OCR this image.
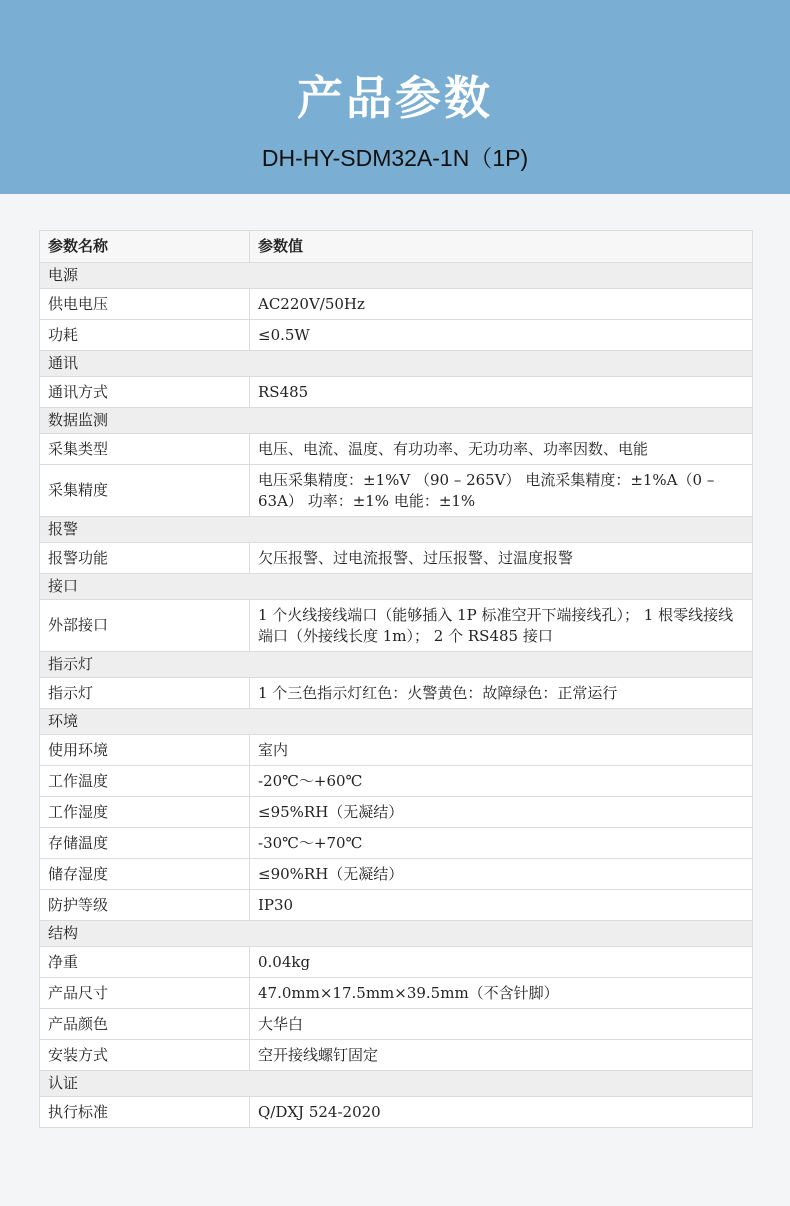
产品参数
DH-HY-SDM32A-1N（1P)
参数名称	参数值
电源	
供电电压	AC220V/50Hz
功耗	≤0.5W
通讯	
通讯方式	RS485
数据监测	
采集类型	电压、电流、温度、有功功率、无功功率、功率因数、电能
采集精度	电压采集精度：±1%V （90 – 265V） 电流采集精度：±1%A（0 – 63A） 功率：±1% 电能：±1%
报警	
报警功能	欠压报警、过电流报警、过压报警、过温度报警
接口	
外部接口	1 个火线接线端口（能够插入 1P 标准空开下端接线孔）； 1 根零线接线端口（外接线长度 1m）； 2 个 RS485 接口
指示灯	
指示灯	1 个三色指示灯红色：火警黄色：故障绿色：正常运行
环境	
使用环境	室内
工作温度	-20℃～+60℃
工作湿度	≤95%RH（无凝结）
存储温度	-30℃～+70℃
储存湿度	≤90%RH（无凝结）
防护等级	IP30
结构	
净重	0.04kg
产品尺寸	47.0mm×17.5mm×39.5mm（不含针脚）
产品颜色	大华白
安装方式	空开接线螺钉固定
认证	
执行标准	Q/DXJ 524-2020
